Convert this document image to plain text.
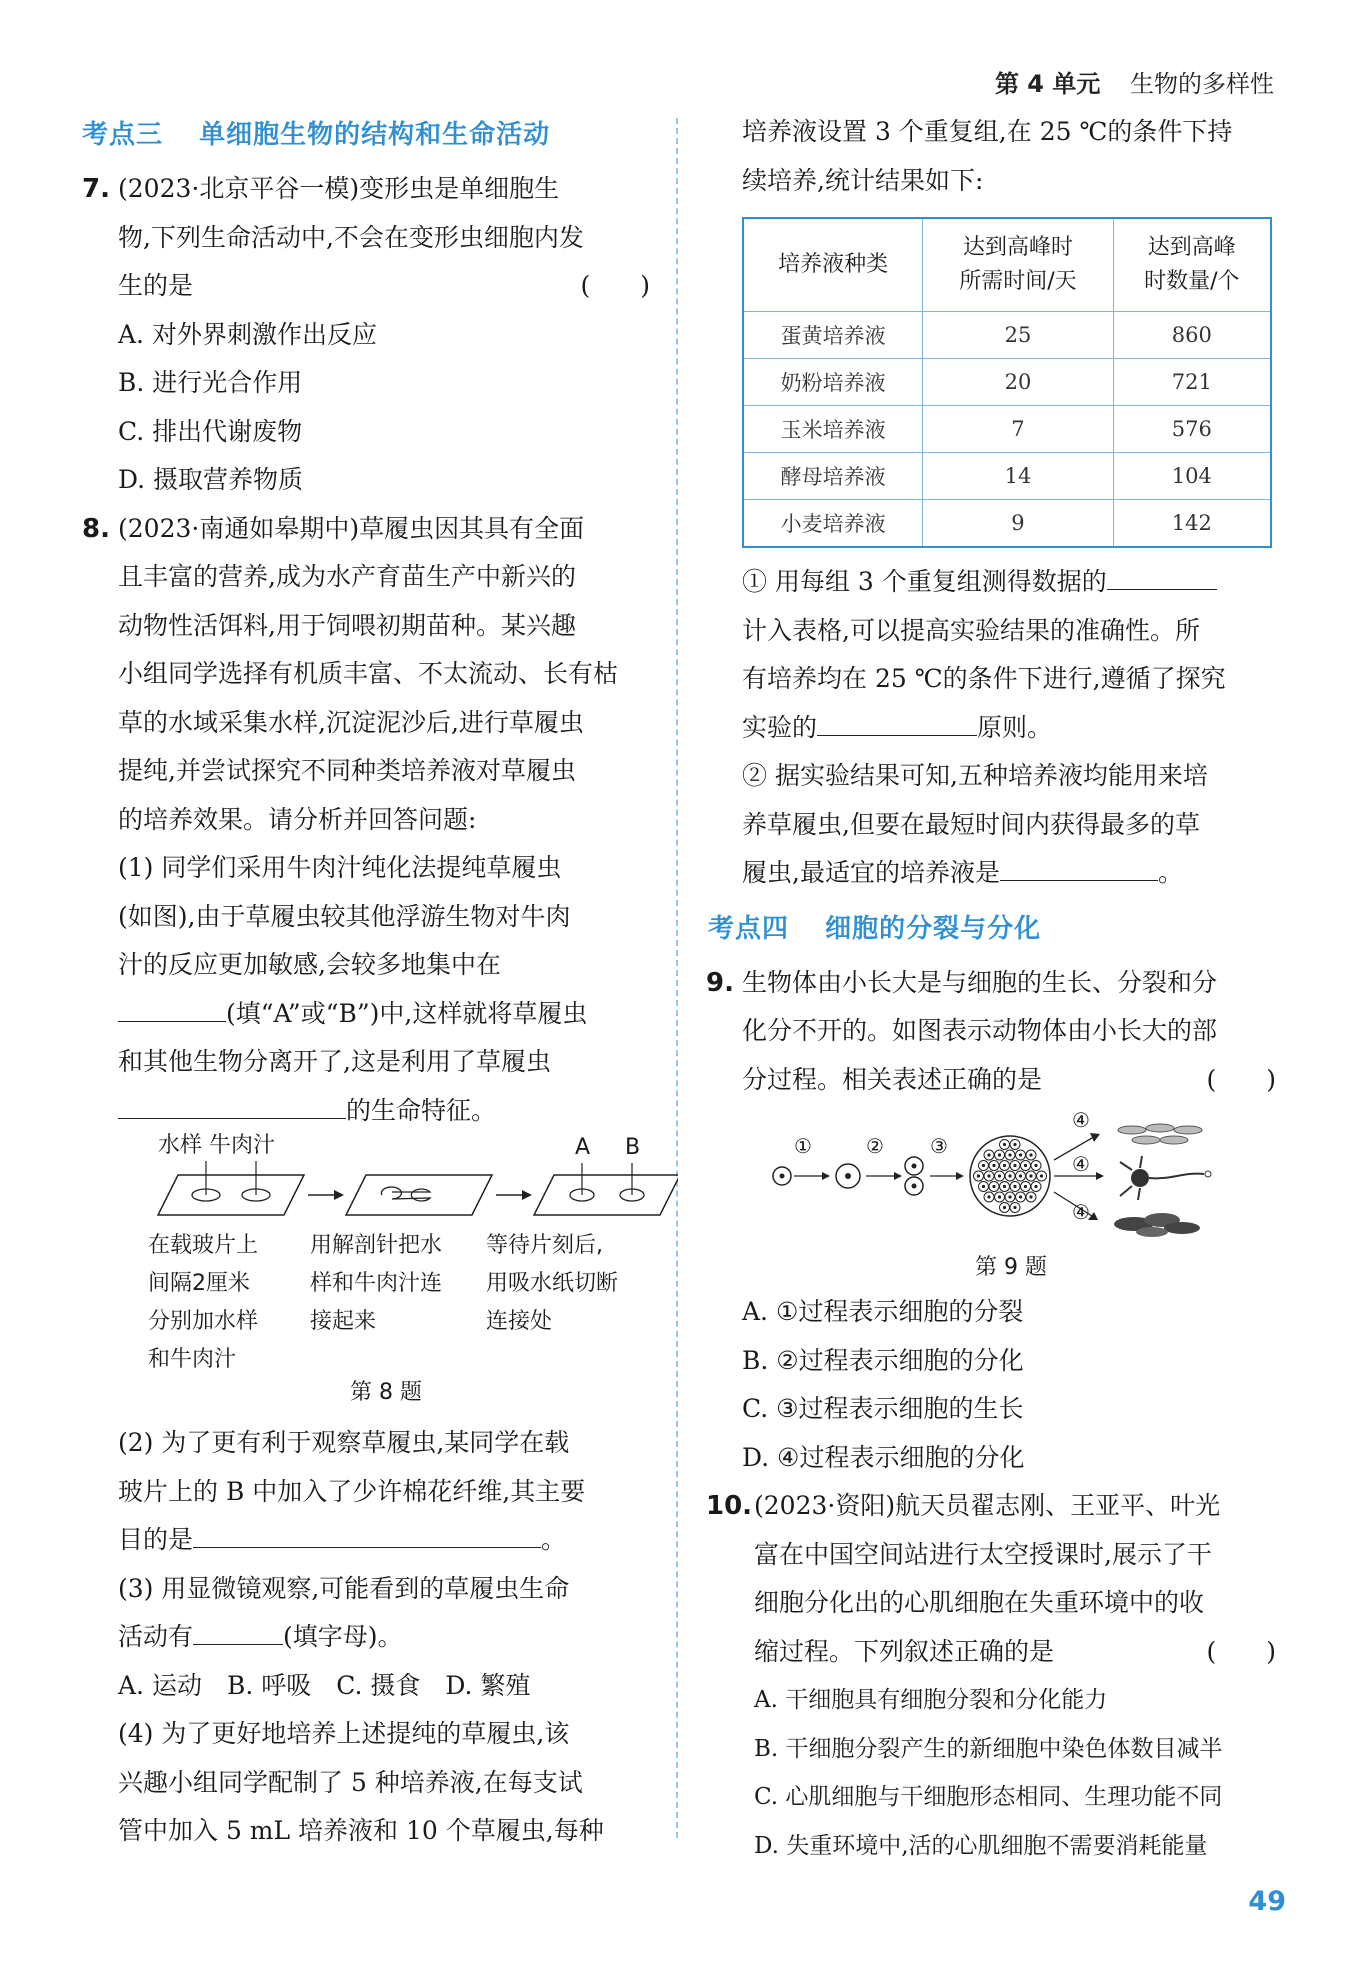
第 4 单元 生物的多样性
考点三 单细胞生物的结构和生命活动
7. (2023·北京平谷一模)变形虫是单细胞生
物,下列生命活动中,不会在变形虫细胞内发
生的是	(　　)
A. 对外界刺激作出反应
B. 进行光合作用
C. 排出代谢废物
D. 摄取营养物质
8. (2023·南通如皋期中)草履虫因其具有全面
且丰富的营养,成为水产育苗生产中新兴的
动物性活饵料,用于饲喂初期苗种。某兴趣
小组同学选择有机质丰富、不太流动、长有枯
草的水域采集水样,沉淀泥沙后,进行草履虫
提纯,并尝试探究不同种类培养液对草履虫
的培养效果。请分析并回答问题:
(1) 同学们采用牛肉汁纯化法提纯草履虫
(如图),由于草履虫较其他浮游生物对牛肉
汁的反应更加敏感,会较多地集中在
(填“A”或“B”)中,这样就将草履虫
和其他生物分离开了,这是利用了草履虫
的生命特征。
水样 牛肉汁	A B
在载玻片上
间隔2厘米
分别加水样
和牛肉汁
用解剖针把水
样和牛肉汁连
接起来
等待片刻后,
用吸水纸切断
连接处
第 8 题
(2) 为了更有利于观察草履虫,某同学在载
玻片上的 B 中加入了少许棉花纤维,其主要
目的是	。
(3) 用显微镜观察,可能看到的草履虫生命
活动有	(填字母)。
A. 运动　B. 呼吸　C. 摄食　D. 繁殖
(4) 为了更好地培养上述提纯的草履虫,该
兴趣小组同学配制了 5 种培养液,在每支试
管中加入 5 mL 培养液和 10 个草履虫,每种
培养液设置 3 个重复组,在 25 ℃的条件下持
续培养,统计结果如下:
培养液种类	达到高峰时
所需时间/天	达到高峰
时数量/个
蛋黄培养液	25	860
奶粉培养液	20	721
玉米培养液	7	576
酵母培养液	14	104
小麦培养液	9	142
① 用每组 3 个重复组测得数据的
计入表格,可以提高实验结果的准确性。所
有培养均在 25 ℃的条件下进行,遵循了探究
实验的	原则。
② 据实验结果可知,五种培养液均能用来培
养草履虫,但要在最短时间内获得最多的草
履虫,最适宜的培养液是	。
考点四 细胞的分裂与分化
9. 生物体由小长大是与细胞的生长、分裂和分
化分不开的。如图表示动物体由小长大的部
分过程。相关表述正确的是	(　　)
①	② ③
④
④
④
第 9 题
A. ①过程表示细胞的分裂
B. ②过程表示细胞的分化
C. ③过程表示细胞的生长
D. ④过程表示细胞的分化
10. (2023·资阳)航天员翟志刚、王亚平、叶光
富在中国空间站进行太空授课时,展示了干
细胞分化出的心肌细胞在失重环境中的收
缩过程。下列叙述正确的是	(　　)
A. 干细胞具有细胞分裂和分化能力
B. 干细胞分裂产生的新细胞中染色体数目减半
C. 心肌细胞与干细胞形态相同、生理功能不同
D. 失重环境中,活的心肌细胞不需要消耗能量
49
